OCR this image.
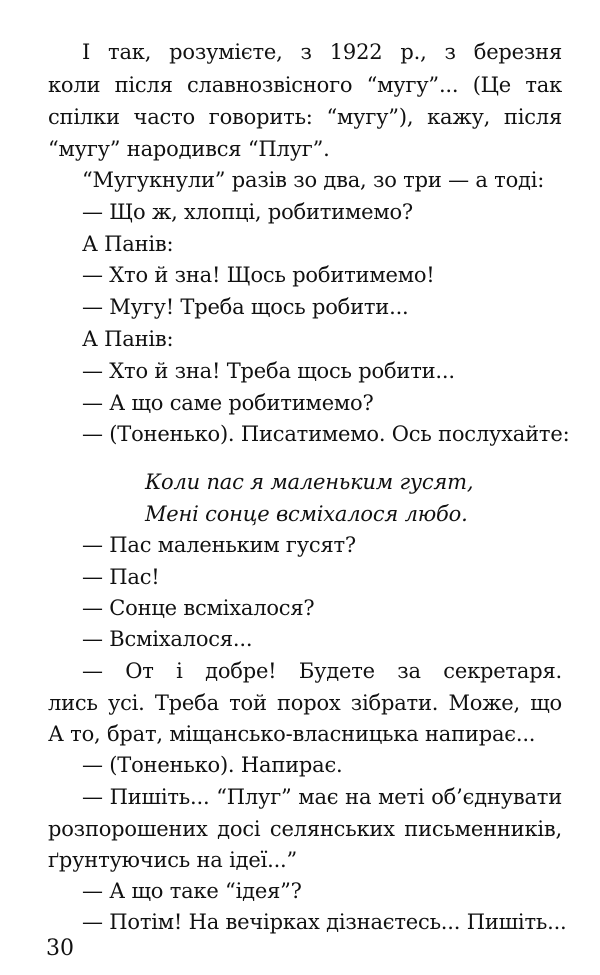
І так, розумієте, з 1922 р., з березня
коли після славнозвісного “мугу”... (Це так
спілки часто говорить: “мугу”), кажу, після
“мугу” народився “Плуг”.
“Мугукнули” разів зо два, зо три — а тоді:
— Що ж, хлопці, робитимемо?
А Панів:
— Хто й зна! Щось робитимемо!
— Мугу! Треба щось робити...
А Панів:
— Хто й зна! Треба щось робити...
— А що саме робитимемо?
— (Тоненько). Писатимемо. Ось послухайте:
Коли пас я маленьким гусят,
Мені сонце всміхалося любо.
— Пас маленьким гусят?
— Пас!
— Сонце всміхалося?
— Всміхалося...
— От і добре! Будете за секретаря.
лись усі. Треба той порох зібрати. Може, що
А то, брат, міщансько-власницька напирає...
— (Тоненько). Напирає.
— Пишіть... “Плуг” має на меті об’єднувати
розпорошених досі селянських письменників,
ґрунтуючись на ідеї...”
— А що таке “ідея”?
— Потім! На вечірках дізнаєтесь... Пишіть...
30
